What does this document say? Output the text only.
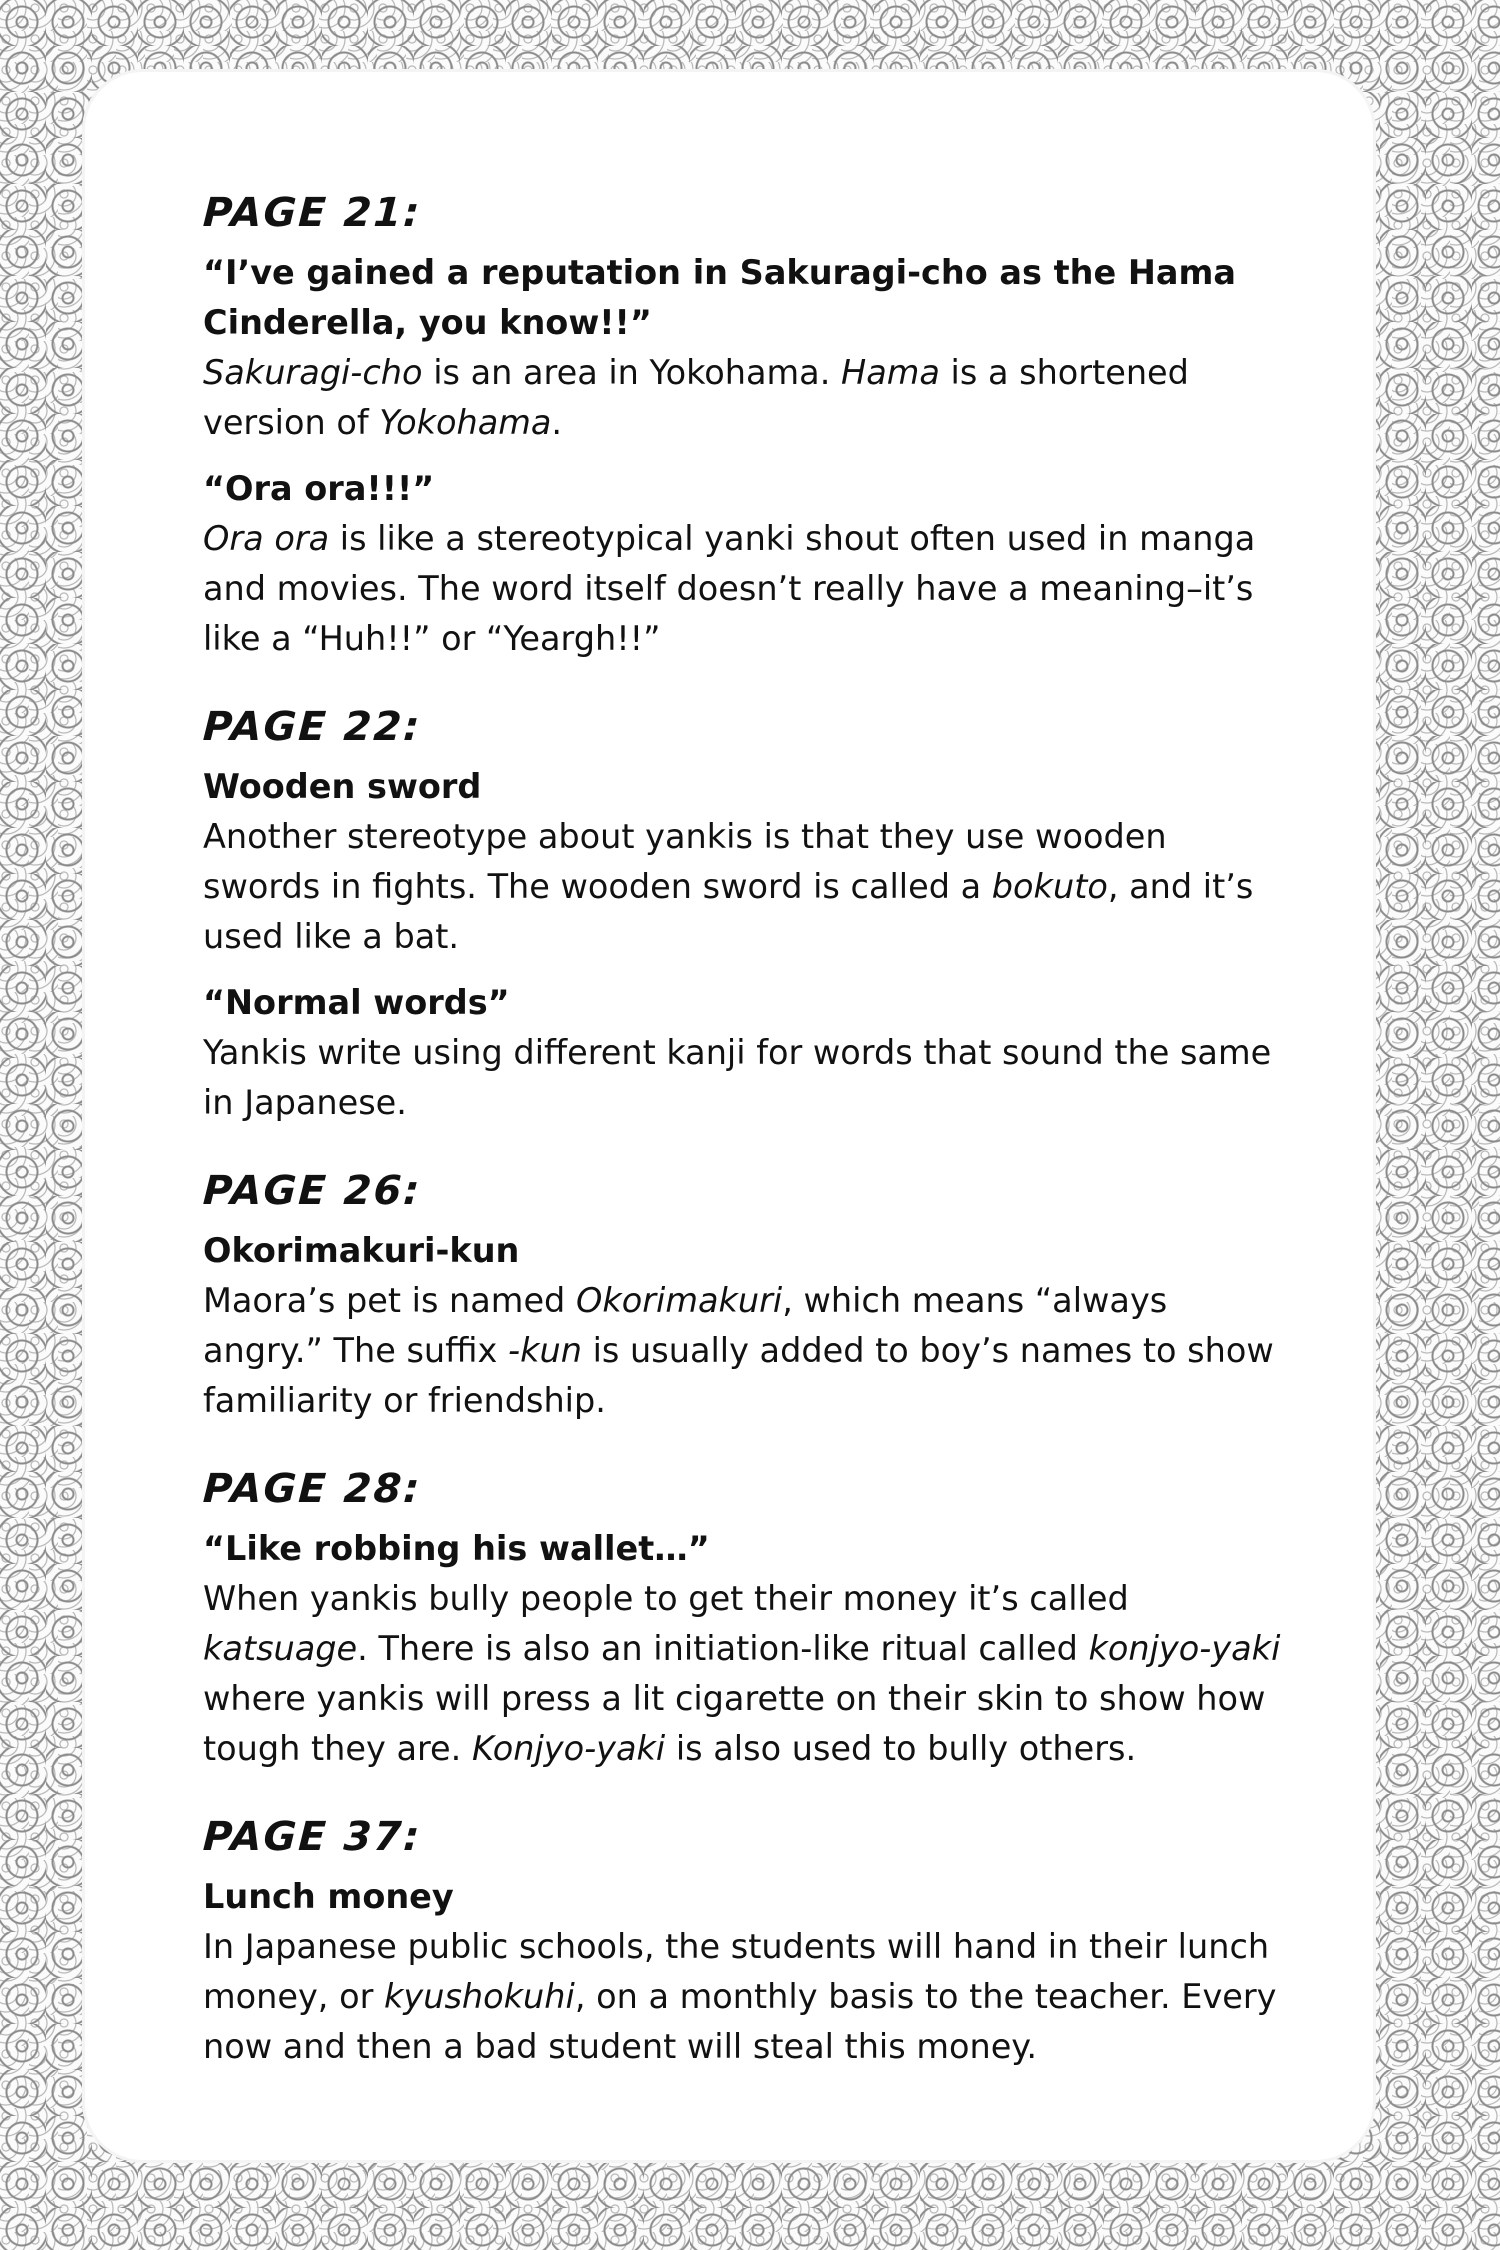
PAGE 21:

“I’ve gained a reputation in Sakuragi-cho as the Hama Cinderella, you know!!”

Sakuragi-cho is an area in Yokohama. Hama is a shortened version of Yokohama.

“Ora ora!!!”

Ora ora is like a stereotypical yanki shout often used in manga and movies. The word itself doesn’t really have a meaning–it’s like a “Huh!!” or “Yeargh!!”

PAGE 22:

Wooden sword

Another stereotype about yankis is that they use wooden swords in fights. The wooden sword is called a bokuto, and it’s used like a bat.

“Normal words”

Yankis write using different kanji for words that sound the same in Japanese.

PAGE 26:

Okorimakuri-kun

Maora’s pet is named Okorimakuri, which means “always angry.” The suffix -kun is usually added to boy’s names to show familiarity or friendship.

PAGE 28:

“Like robbing his wallet…”

When yankis bully people to get their money it’s called katsuage. There is also an initiation-like ritual called konjyo-yaki where yankis will press a lit cigarette on their skin to show how tough they are. Konjyo-yaki is also used to bully others.

PAGE 37:

Lunch money

In Japanese public schools, the students will hand in their lunch money, or kyushokuhi, on a monthly basis to the teacher. Every now and then a bad student will steal this money.
